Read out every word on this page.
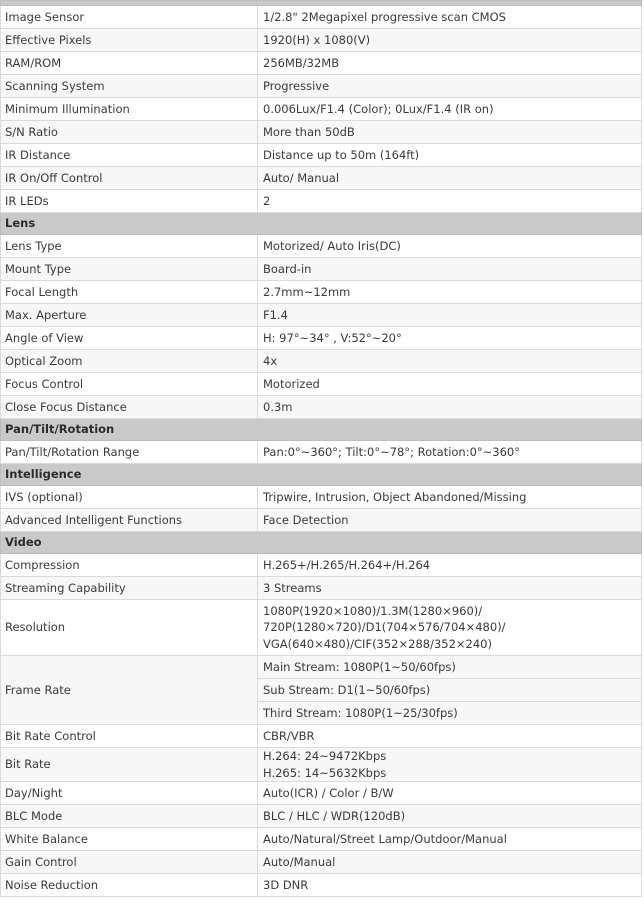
Image Sensor	1/2.8" 2Megapixel progressive scan CMOS
Effective Pixels	1920(H) x 1080(V)
RAM/ROM	256MB/32MB
Scanning System	Progressive
Minimum Illumination	0.006Lux/F1.4 (Color); 0Lux/F1.4 (IR on)
S/N Ratio	More than 50dB
IR Distance	Distance up to 50m (164ft)
IR On/Off Control	Auto/ Manual
IR LEDs	2
Lens	
Lens Type	Motorized/ Auto Iris(DC)
Mount Type	Board-in
Focal Length	2.7mm~12mm
Max. Aperture	F1.4
Angle of View	H: 97°~34° , V:52°~20°
Optical Zoom	4x
Focus Control	Motorized
Close Focus Distance	0.3m
Pan/Tilt/Rotation	
Pan/Tilt/Rotation Range	Pan:0°~360°; Tilt:0°~78°; Rotation:0°~360°
Intelligence	
IVS (optional)	Tripwire, Intrusion, Object Abandoned/Missing
Advanced Intelligent Functions	Face Detection
Video	
Compression	H.265+/H.265/H.264+/H.264
Streaming Capability	3 Streams
Resolution	1080P(1920×1080)/1.3M(1280×960)/
720P(1280×720)/D1(704×576/704×480)/
VGA(640×480)/CIF(352×288/352×240)

Frame Rate	Main Stream: 1080P(1~50/60fps)
	Sub Stream: D1(1~50/60fps)
	Third Stream: 1080P(1~25/30fps)
Bit Rate Control	CBR/VBR
Bit Rate	H.264: 24~9472Kbps
H.265: 14~5632Kbps

Day/Night	Auto(ICR) / Color / B/W
BLC Mode	BLC / HLC / WDR(120dB)
White Balance	Auto/Natural/Street Lamp/Outdoor/Manual
Gain Control	Auto/Manual
Noise Reduction	3D DNR
